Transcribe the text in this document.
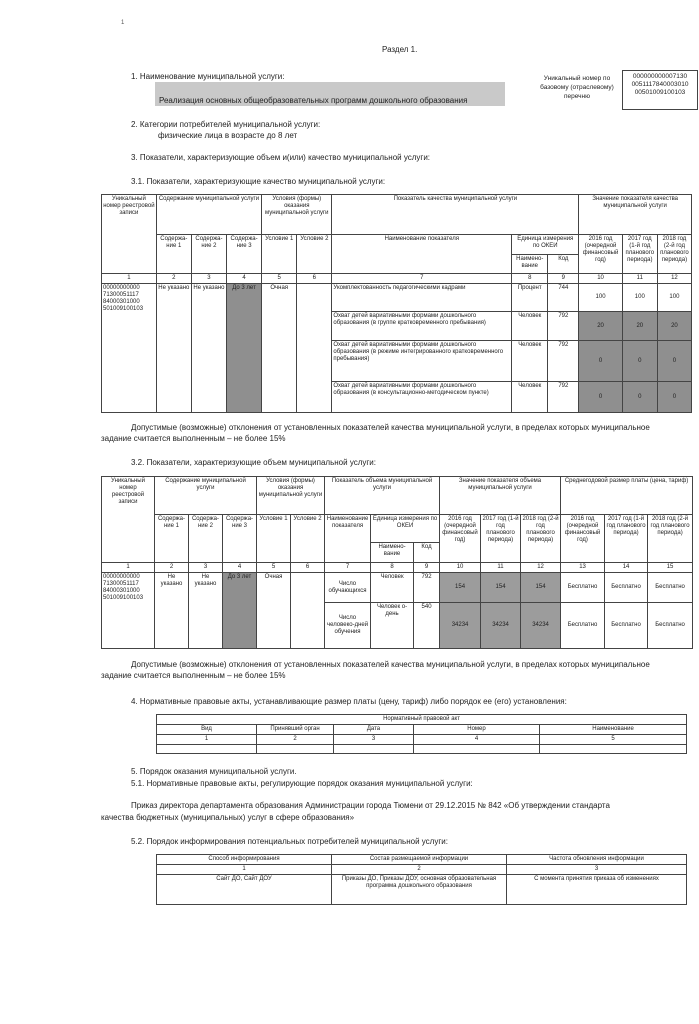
1
Раздел 1.
1. Наименование муниципальной услуги:
Реализация основных общеобразовательных программ дошкольного образования
Уникальный номер по
базовому (отраслевому)
перечню
000000000007130
0051117840003010
00501009100103
2. Категории потребителей муниципальной услуги:
физические лица в возрасте до 8 лет
3. Показатели, характеризующие объем и(или) качество муниципальной услуги:
3.1. Показатели, характеризующие качество муниципальной услуги:
Уникальный номер реестровой записи	Содержание муниципальной услуги			Условия (формы) оказания муниципальной услуги		Показатель качества муниципальной услуги			Значение показателя качества муниципальной услуги		
	Содержание 1	Содержание 2	Содержание 3	Условие 1	Условие 2	Наименование показателя	Единица измерения по ОКЕИ		2016 год (очередной финансовый год)	2017 год (1-й год планового периода)	2018 год (2-й год планового периода)
							Наименование	Код			
1	2	3	4	5	6	7	8	9	10	11	12
00000000000 71300051117 84000301000 501009100103	Не указано	Не указано	До 3 лет	Очная		Укомплектованность педагогическими кадрами	Процент	744	100	100	100
						Охват детей вариативными формами дошкольного образования (в группе кратковременного пребывания)	Человек	792	20	20	20
						Охват детей вариативными формами дошкольного образования (в режиме интегрированного кратковременного пребывания)	Человек	792	0	0	0
						Охват детей вариативными формами дошкольного образования (в консультационно-методическом пункте)	Человек	792	0	0	0
Допустимые (возможные) отклонения от установленных показателей качества муниципальной услуги, в пределах которых муниципальное
задание считается выполненным – не более 15%
3.2. Показатели, характеризующие объем муниципальной услуги:
Уникальный номер реестровой записи	Содержание муниципальной услуги			Условия (формы) оказания муниципальной услуги		Показатель объема муниципальной услуги			Значение показателя объема муниципальной услуги			Среднегодовой размер платы (цена, тариф)		
	Содержание 1	Содержание 2	Содержание 3	Условие 1	Условие 2	Наименование показателя	Единица измерения по ОКЕИ		2016 год (очередной финансовый год)	2017 год (1-й год планового периода)	2018 год (2-й год планового периода)	2016 год (очередной финансовый год)	2017 год (1-й год планового периода)	2018 год (2-й год планового периода)
							Наименование	Код						
1	2	3	4	5	6	7	8	9	10	11	12	13	14	15
00000000000 71300051117 84000301000 501009100103	Не указано	Не указано	До 3 лет	Очная		Число обучающихся	Человек	792	154	154	154	Бесплатно	Бесплатно	Бесплатно
						Число человеко-дней обучения	Человек о-день	540	34234	34234	34234	Бесплатно	Бесплатно	Бесплатно
Допустимые (возможные) отклонения от установленных показателей качества муниципальной услуги, в пределах которых муниципальное
задание считается выполненным – не более 15%
4. Нормативные правовые акты, устанавливающие размер платы (цену, тариф) либо порядок ее (его) установления:
Нормативный правовой акт				
Вид	Принявший орган	Дата	Номер	Наименование
1	2	3	4	5

5. Порядок оказания муниципальной услуги.
5.1. Нормативные правовые акты, регулирующие порядок оказания муниципальной услуги:
Приказ директора департамента образования Администрации города Тюмени от 29.12.2015 № 842 «Об утверждении стандарта
качества бюджетных (муниципальных) услуг в сфере образования»
5.2. Порядок информирования потенциальных потребителей муниципальной услуги:
Способ информирования	Состав размещаемой информации	Частота обновления информации
1	2	3
Сайт ДО, Сайт ДОУ	Приказы ДО, Приказы ДОУ, основная образовательная программа дошкольного образования	С момента принятия приказа об изменениях
